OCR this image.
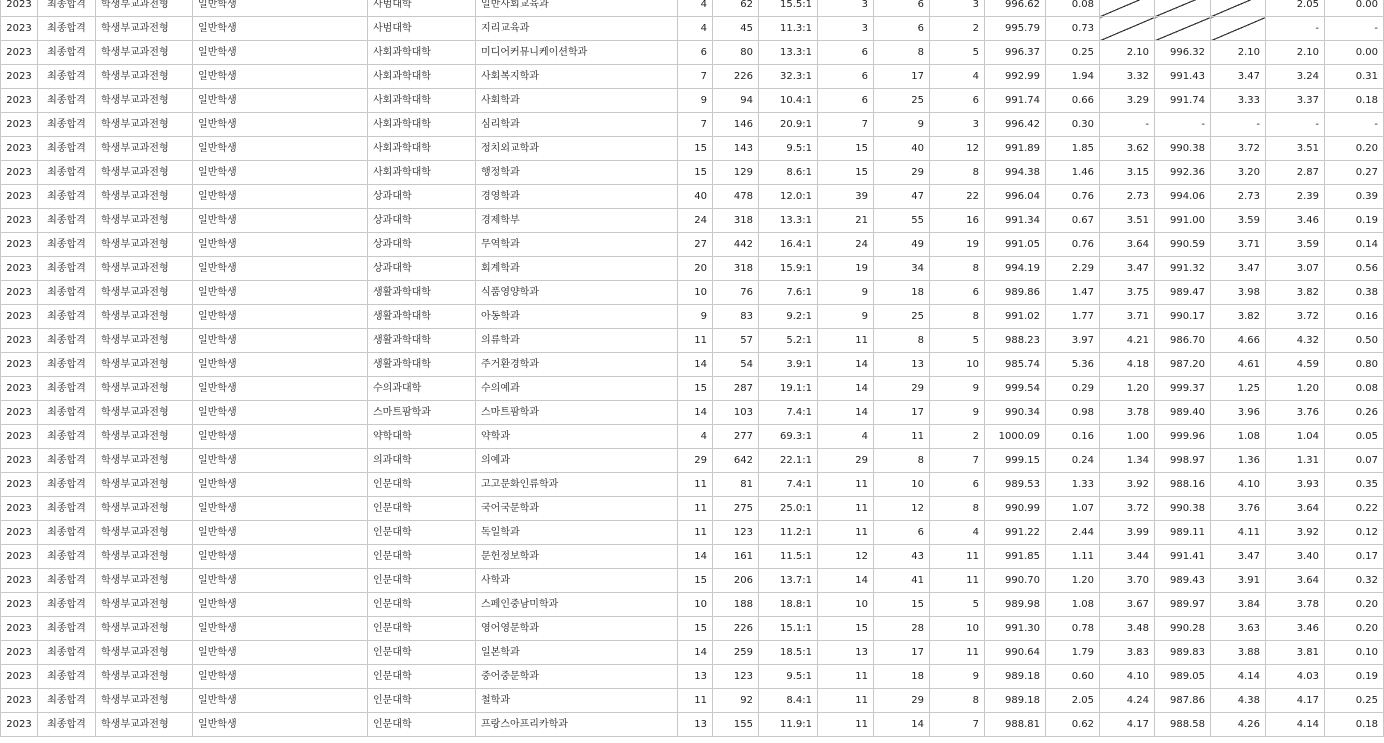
2023	최종합격	학생부교과전형	일반학생	사범대학	일반사회교육과	4	62	15.5:1	3	6	3	996.62	0.08				2.05	0.00
2023	최종합격	학생부교과전형	일반학생	사범대학	지리교육과	4	45	11.3:1	3	6	2	995.79	0.73				-	-
2023	최종합격	학생부교과전형	일반학생	사회과학대학	미디어커뮤니케이션학과	6	80	13.3:1	6	8	5	996.37	0.25	2.10	996.32	2.10	2.10	0.00
2023	최종합격	학생부교과전형	일반학생	사회과학대학	사회복지학과	7	226	32.3:1	6	17	4	992.99	1.94	3.32	991.43	3.47	3.24	0.31
2023	최종합격	학생부교과전형	일반학생	사회과학대학	사회학과	9	94	10.4:1	6	25	6	991.74	0.66	3.29	991.74	3.33	3.37	0.18
2023	최종합격	학생부교과전형	일반학생	사회과학대학	심리학과	7	146	20.9:1	7	9	3	996.42	0.30	-	-	-	-	-
2023	최종합격	학생부교과전형	일반학생	사회과학대학	정치외교학과	15	143	9.5:1	15	40	12	991.89	1.85	3.62	990.38	3.72	3.51	0.20
2023	최종합격	학생부교과전형	일반학생	사회과학대학	행정학과	15	129	8.6:1	15	29	8	994.38	1.46	3.15	992.36	3.20	2.87	0.27
2023	최종합격	학생부교과전형	일반학생	상과대학	경영학과	40	478	12.0:1	39	47	22	996.04	0.76	2.73	994.06	2.73	2.39	0.39
2023	최종합격	학생부교과전형	일반학생	상과대학	경제학부	24	318	13.3:1	21	55	16	991.34	0.67	3.51	991.00	3.59	3.46	0.19
2023	최종합격	학생부교과전형	일반학생	상과대학	무역학과	27	442	16.4:1	24	49	19	991.05	0.76	3.64	990.59	3.71	3.59	0.14
2023	최종합격	학생부교과전형	일반학생	상과대학	회계학과	20	318	15.9:1	19	34	8	994.19	2.29	3.47	991.32	3.47	3.07	0.56
2023	최종합격	학생부교과전형	일반학생	생활과학대학	식품영양학과	10	76	7.6:1	9	18	6	989.86	1.47	3.75	989.47	3.98	3.82	0.38
2023	최종합격	학생부교과전형	일반학생	생활과학대학	아동학과	9	83	9.2:1	9	25	8	991.02	1.77	3.71	990.17	3.82	3.72	0.16
2023	최종합격	학생부교과전형	일반학생	생활과학대학	의류학과	11	57	5.2:1	11	8	5	988.23	3.97	4.21	986.70	4.66	4.32	0.50
2023	최종합격	학생부교과전형	일반학생	생활과학대학	주거환경학과	14	54	3.9:1	14	13	10	985.74	5.36	4.18	987.20	4.61	4.59	0.80
2023	최종합격	학생부교과전형	일반학생	수의과대학	수의예과	15	287	19.1:1	14	29	9	999.54	0.29	1.20	999.37	1.25	1.20	0.08
2023	최종합격	학생부교과전형	일반학생	스마트팜학과	스마트팜학과	14	103	7.4:1	14	17	9	990.34	0.98	3.78	989.40	3.96	3.76	0.26
2023	최종합격	학생부교과전형	일반학생	약학대학	약학과	4	277	69.3:1	4	11	2	1000.09	0.16	1.00	999.96	1.08	1.04	0.05
2023	최종합격	학생부교과전형	일반학생	의과대학	의예과	29	642	22.1:1	29	8	7	999.15	0.24	1.34	998.97	1.36	1.31	0.07
2023	최종합격	학생부교과전형	일반학생	인문대학	고고문화인류학과	11	81	7.4:1	11	10	6	989.53	1.33	3.92	988.16	4.10	3.93	0.35
2023	최종합격	학생부교과전형	일반학생	인문대학	국어국문학과	11	275	25.0:1	11	12	8	990.99	1.07	3.72	990.38	3.76	3.64	0.22
2023	최종합격	학생부교과전형	일반학생	인문대학	독일학과	11	123	11.2:1	11	6	4	991.22	2.44	3.99	989.11	4.11	3.92	0.12
2023	최종합격	학생부교과전형	일반학생	인문대학	문헌정보학과	14	161	11.5:1	12	43	11	991.85	1.11	3.44	991.41	3.47	3.40	0.17
2023	최종합격	학생부교과전형	일반학생	인문대학	사학과	15	206	13.7:1	14	41	11	990.70	1.20	3.70	989.43	3.91	3.64	0.32
2023	최종합격	학생부교과전형	일반학생	인문대학	스페인중남미학과	10	188	18.8:1	10	15	5	989.98	1.08	3.67	989.97	3.84	3.78	0.20
2023	최종합격	학생부교과전형	일반학생	인문대학	영어영문학과	15	226	15.1:1	15	28	10	991.30	0.78	3.48	990.28	3.63	3.46	0.20
2023	최종합격	학생부교과전형	일반학생	인문대학	일본학과	14	259	18.5:1	13	17	11	990.64	1.79	3.83	989.83	3.88	3.81	0.10
2023	최종합격	학생부교과전형	일반학생	인문대학	중어중문학과	13	123	9.5:1	11	18	9	989.18	0.60	4.10	989.05	4.14	4.03	0.19
2023	최종합격	학생부교과전형	일반학생	인문대학	철학과	11	92	8.4:1	11	29	8	989.18	2.05	4.24	987.86	4.38	4.17	0.25
2023	최종합격	학생부교과전형	일반학생	인문대학	프랑스아프리카학과	13	155	11.9:1	11	14	7	988.81	0.62	4.17	988.58	4.26	4.14	0.18
